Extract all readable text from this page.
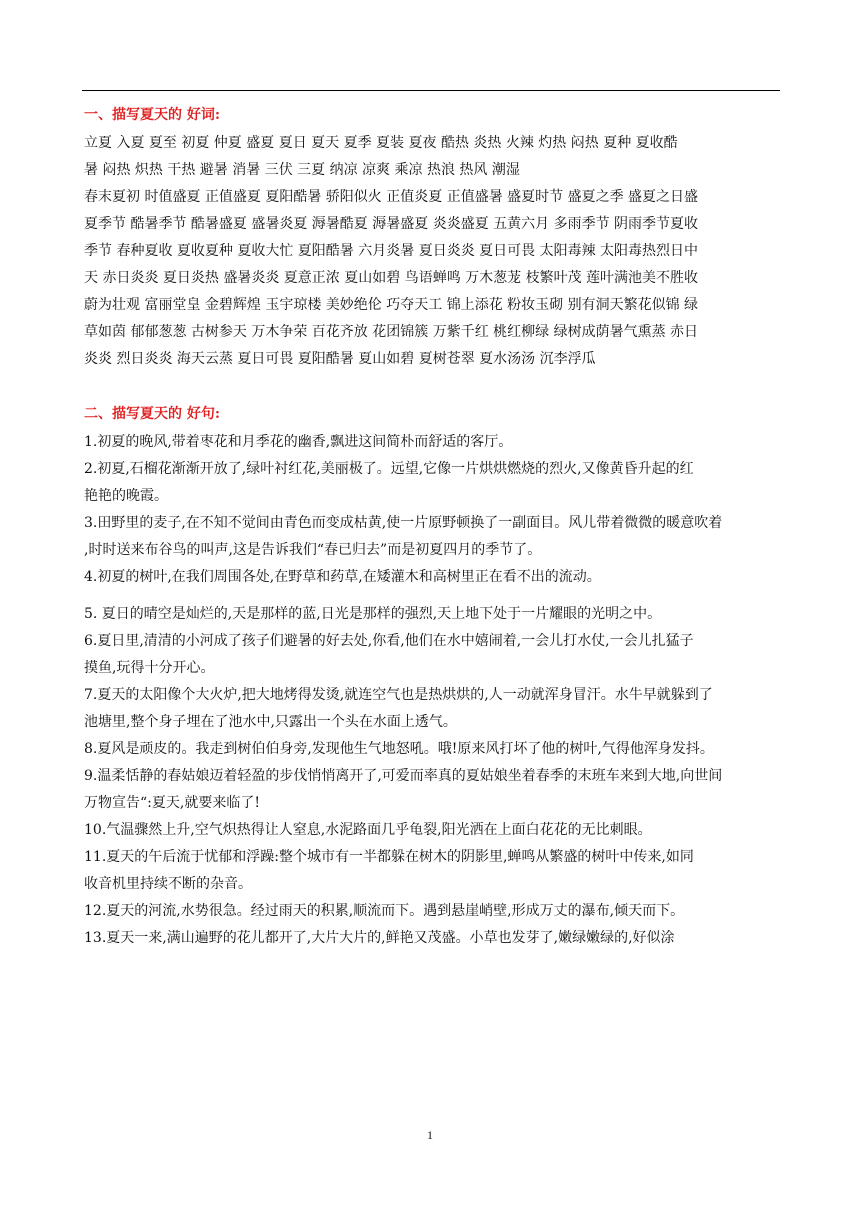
一、描写夏天的 好词:

立夏 入夏 夏至 初夏 仲夏 盛夏 夏日 夏天 夏季 夏装 夏夜 酷热 炎热 火辣 灼热 闷热 夏种 夏收酷

暑 闷热 炽热 干热 避暑 消暑 三伏 三夏 纳凉 凉爽 乘凉 热浪 热风 潮湿

春末夏初 时值盛夏 正值盛夏 夏阳酷暑 骄阳似火 正值炎夏 正值盛暑 盛夏时节 盛夏之季 盛夏之日盛

夏季节 酷暑季节 酷暑盛夏 盛暑炎夏 溽暑酷夏 溽暑盛夏 炎炎盛夏 五黄六月 多雨季节 阴雨季节夏收

季节 春种夏收 夏收夏种 夏收大忙 夏阳酷暑 六月炎暑 夏日炎炎 夏日可畏 太阳毒辣 太阳毒热烈日中

天 赤日炎炎 夏日炎热 盛暑炎炎 夏意正浓 夏山如碧 鸟语蝉鸣 万木葱茏 枝繁叶茂 莲叶满池美不胜收

蔚为壮观 富丽堂皇 金碧辉煌 玉宇琼楼 美妙绝伦 巧夺天工 锦上添花 粉妆玉砌 别有洞天繁花似锦 绿

草如茵 郁郁葱葱 古树参天 万木争荣 百花齐放 花团锦簇 万紫千红 桃红柳绿 绿树成荫暑气熏蒸 赤日

炎炎 烈日炎炎 海天云蒸 夏日可畏 夏阳酷暑 夏山如碧 夏树苍翠 夏水汤汤 沉李浮瓜

二、描写夏天的 好句:

1.初夏的晚风,带着枣花和月季花的幽香,飘进这间简朴而舒适的客厅。

2.初夏,石榴花渐渐开放了,绿叶衬红花,美丽极了。远望,它像一片烘烘燃烧的烈火,又像黄昏升起的红

艳艳的晚霞。

3.田野里的麦子,在不知不觉间由青色而变成枯黄,使一片原野顿换了一副面目。风儿带着微微的暖意吹着

,时时送来布谷鸟的叫声,这是告诉我们“春已归去”而是初夏四月的季节了。

4.初夏的树叶,在我们周围各处,在野草和药草,在矮灌木和高树里正在看不出的流动。

5. 夏日的晴空是灿烂的,天是那样的蓝,日光是那样的强烈,天上地下处于一片耀眼的光明之中。

6.夏日里,清清的小河成了孩子们避暑的好去处,你看,他们在水中嬉闹着,一会儿打水仗,一会儿扎猛子

摸鱼,玩得十分开心。

7.夏天的太阳像个大火炉,把大地烤得发烫,就连空气也是热烘烘的,人一动就浑身冒汗。水牛早就躲到了

池塘里,整个身子埋在了池水中,只露出一个头在水面上透气。

8.夏风是顽皮的。我走到树伯伯身旁,发现他生气地怒吼。哦!原来风打坏了他的树叶,气得他浑身发抖。

9.温柔恬静的春姑娘迈着轻盈的步伐悄悄离开了,可爱而率真的夏姑娘坐着春季的末班车来到大地,向世间

万物宣告“:夏天,就要来临了!

10.气温骤然上升,空气炽热得让人窒息,水泥路面几乎龟裂,阳光洒在上面白花花的无比刺眼。

11.夏天的午后流于忧郁和浮躁:整个城市有一半都躲在树木的阴影里,蝉鸣从繁盛的树叶中传来,如同

收音机里持续不断的杂音。

12.夏天的河流,水势很急。经过雨天的积累,顺流而下。遇到悬崖峭壁,形成万丈的瀑布,倾天而下。

13.夏天一来,满山遍野的花儿都开了,大片大片的,鲜艳又茂盛。小草也发芽了,嫩绿嫩绿的,好似涂

1
